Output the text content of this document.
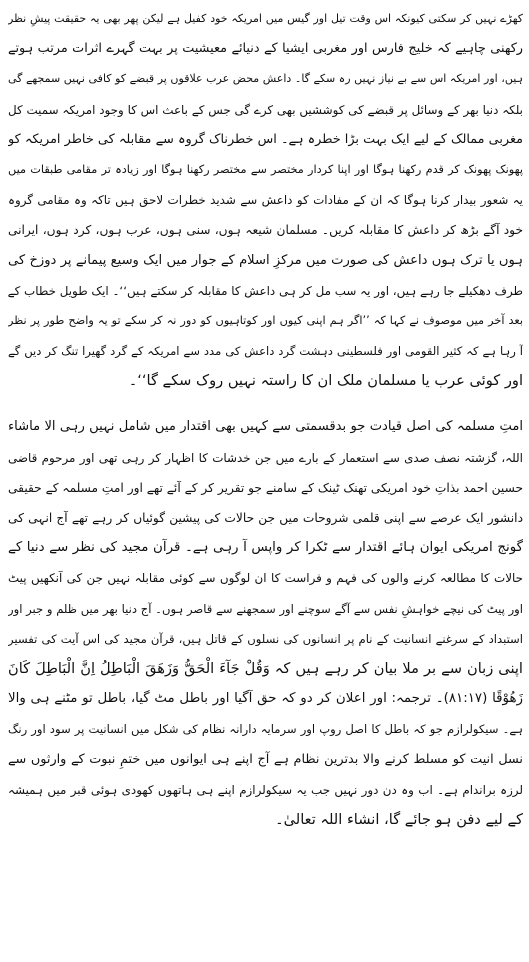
کھڑے نہیں کر سکتی کیونکہ اس وقت تیل اور گیس میں امریکہ خود کفیل ہے لیکن پھر بھی یہ حقیقت پیشِ نظر
رکھنی چاہیے کہ خلیج فارس اور مغربی ایشیا کے دنیائے معیشیت پر بہت گہرے اثرات مرتب ہوتے
ہیں، اور امریکہ اس سے بے نیاز نہیں رہ سکے گا۔ داعش محض عرب علاقوں پر قبضے کو کافی نہیں سمجھے گی
بلکہ دنیا بھر کے وسائل پر قبضے کی کوششیں بھی کرے گی جس کے باعث اس کا وجود امریکہ سمیت کل
مغربی ممالک کے لیے ایک بہت بڑا خطرہ ہے۔ اس خطرناک گروہ سے مقابلہ کی خاطر امریکہ کو
پھونک پھونک کر قدم رکھنا ہوگا اور اپنا کردار مختصر سے مختصر رکھنا ہوگا اور زیادہ تر مقامی طبقات میں
یہ شعور بیدار کرنا ہوگا کہ ان کے مفادات کو داعش سے شدید خطرات لاحق ہیں تاکہ وہ مقامی گروہ
خود آگے بڑھ کر داعش کا مقابلہ کریں۔ مسلمان شیعہ ہوں، سنی ہوں، عرب ہوں، کرد ہوں، ایرانی
ہوں یا ترک ہوں داعش کی صورت میں مرکزِ اسلام کے جوار میں ایک وسیع پیمانے پر دوزخ کی
طرف دھکیلے جا رہے ہیں، اور یہ سب مل کر ہی داعش کا مقابلہ کر سکتے ہیں‘‘۔ ایک طویل خطاب کے
بعد آخر میں موصوف نے کہا کہ ’’اگر ہم اپنی کیوں اور کوتاہیوں کو دور نہ کر سکے تو یہ واضح طور پر نظر
آ رہا ہے کہ کثیر القومی اور فلسطینی دہشت گرد داعش کی مدد سے امریکہ کے گرد گھیرا تنگ کر دیں گے
اور کوئی عرب یا مسلمان ملک ان کا راستہ نہیں روک سکے گا‘‘۔
امتِ مسلمہ کی اصل قیادت جو بدقسمتی سے کہیں بھی اقتدار میں شامل نہیں رہی الا ماشاء
اللہ، گزشتہ نصف صدی سے استعمار کے بارے میں جن خدشات کا اظہار کر رہی تھی اور مرحوم قاضی
حسین احمد بذاتِ خود امریکی تھنک ٹینک کے سامنے جو تقریر کر کے آئے تھے اور امتِ مسلمہ کے حقیقی
دانشور ایک عرصے سے اپنی قلمی شروحات میں جن حالات کی پیشین گوئیاں کر رہے تھے آج انہی کی
گونج امریکی ایوان ہائے اقتدار سے ٹکرا کر واپس آ رہی ہے۔ قرآن مجید کی نظر سے دنیا کے
حالات کا مطالعہ کرنے والوں کی فہم و فراست کا ان لوگوں سے کوئی مقابلہ نہیں جن کی آنکھیں پیٹ
اور پیٹ کی نیچے خواہشِ نفس سے آگے سوچنے اور سمجھنے سے قاصر ہوں۔ آج دنیا بھر میں ظلم و جبر اور
استبداد کے سرغنے انسانیت کے نام پر انسانوں کی نسلوں کے قاتل ہیں، قرآن مجید کی اس آیت کی تفسیر
اپنی زبان سے بر ملا بیان کر رہے ہیں کہ وَقُلْ جَآءَ الْحَقُّ وَزَهَقَ الْبَاطِلُ اِنَّ الْبَاطِلَ کَانَ
زَهُوْقًا (۸۱:۱۷)۔ ترجمہ: اور اعلان کر دو کہ حق آگیا اور باطل مٹ گیا، باطل تو مٹنے ہی والا
ہے۔ سیکولرازم جو کہ باطل کا اصل روپ اور سرمایہ دارانہ نظام کی شکل میں انسانیت پر سود اور رنگ
نسل انیت کو مسلط کرنے والا بدترین نظام ہے آج اپنے ہی ایوانوں میں ختمِ نبوت کے وارثوں سے
لرزہ براندام ہے۔ اب وہ دن دور نہیں جب یہ سیکولرازم اپنے ہی ہاتھوں کھودی ہوئی قبر میں ہمیشہ
کے لیے دفن ہو جائے گا، انشاء اللہ تعالیٰ۔
